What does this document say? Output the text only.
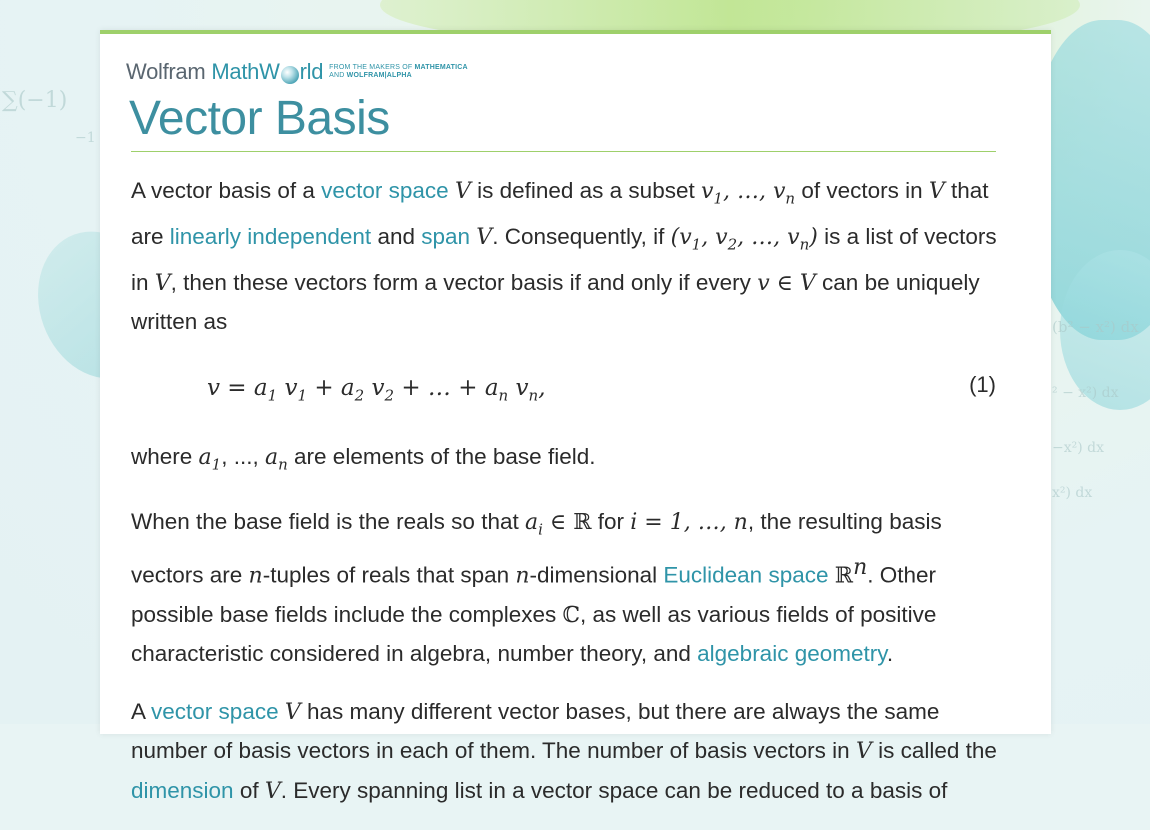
∑(−1)
−1
(b² − x²) dx
² − x²) dx
−x²) dx
x²) dx
Wolfram MathW rld FROM THE MAKERS OF MATHEMATICA
AND WOLFRAM|ALPHA
Vector Basis

A vector basis of a vector space V is defined as a subset $v_1$, …, $v_n$ of vectors in V that are linearly independent and span V. Consequently, if ($v_1$, $v_2$, …, $v_n$) is a list of vectors in V, then these vectors form a vector basis if and only if every v ∈ V can be uniquely written as

$v = a_1$ $v_1 + a_2$ $v_2$ + … + $a_n$ $v_n$,	(1)

where $a_1$, ..., $a_n$ are elements of the base field.

When the base field is the reals so that $a_i$ ∈ ℝ for i = 1, …, n, the resulting basis vectors are n-tuples of reals that span n-dimensional Euclidean space ℝ$^n$. Other possible base fields include the complexes ℂ, as well as various fields of positive characteristic considered in algebra, number theory, and algebraic geometry.

A vector space V has many different vector bases, but there are always the same number of basis vectors in each of them. The number of basis vectors in V is called the dimension of V. Every spanning list in a vector space can be reduced to a basis of
